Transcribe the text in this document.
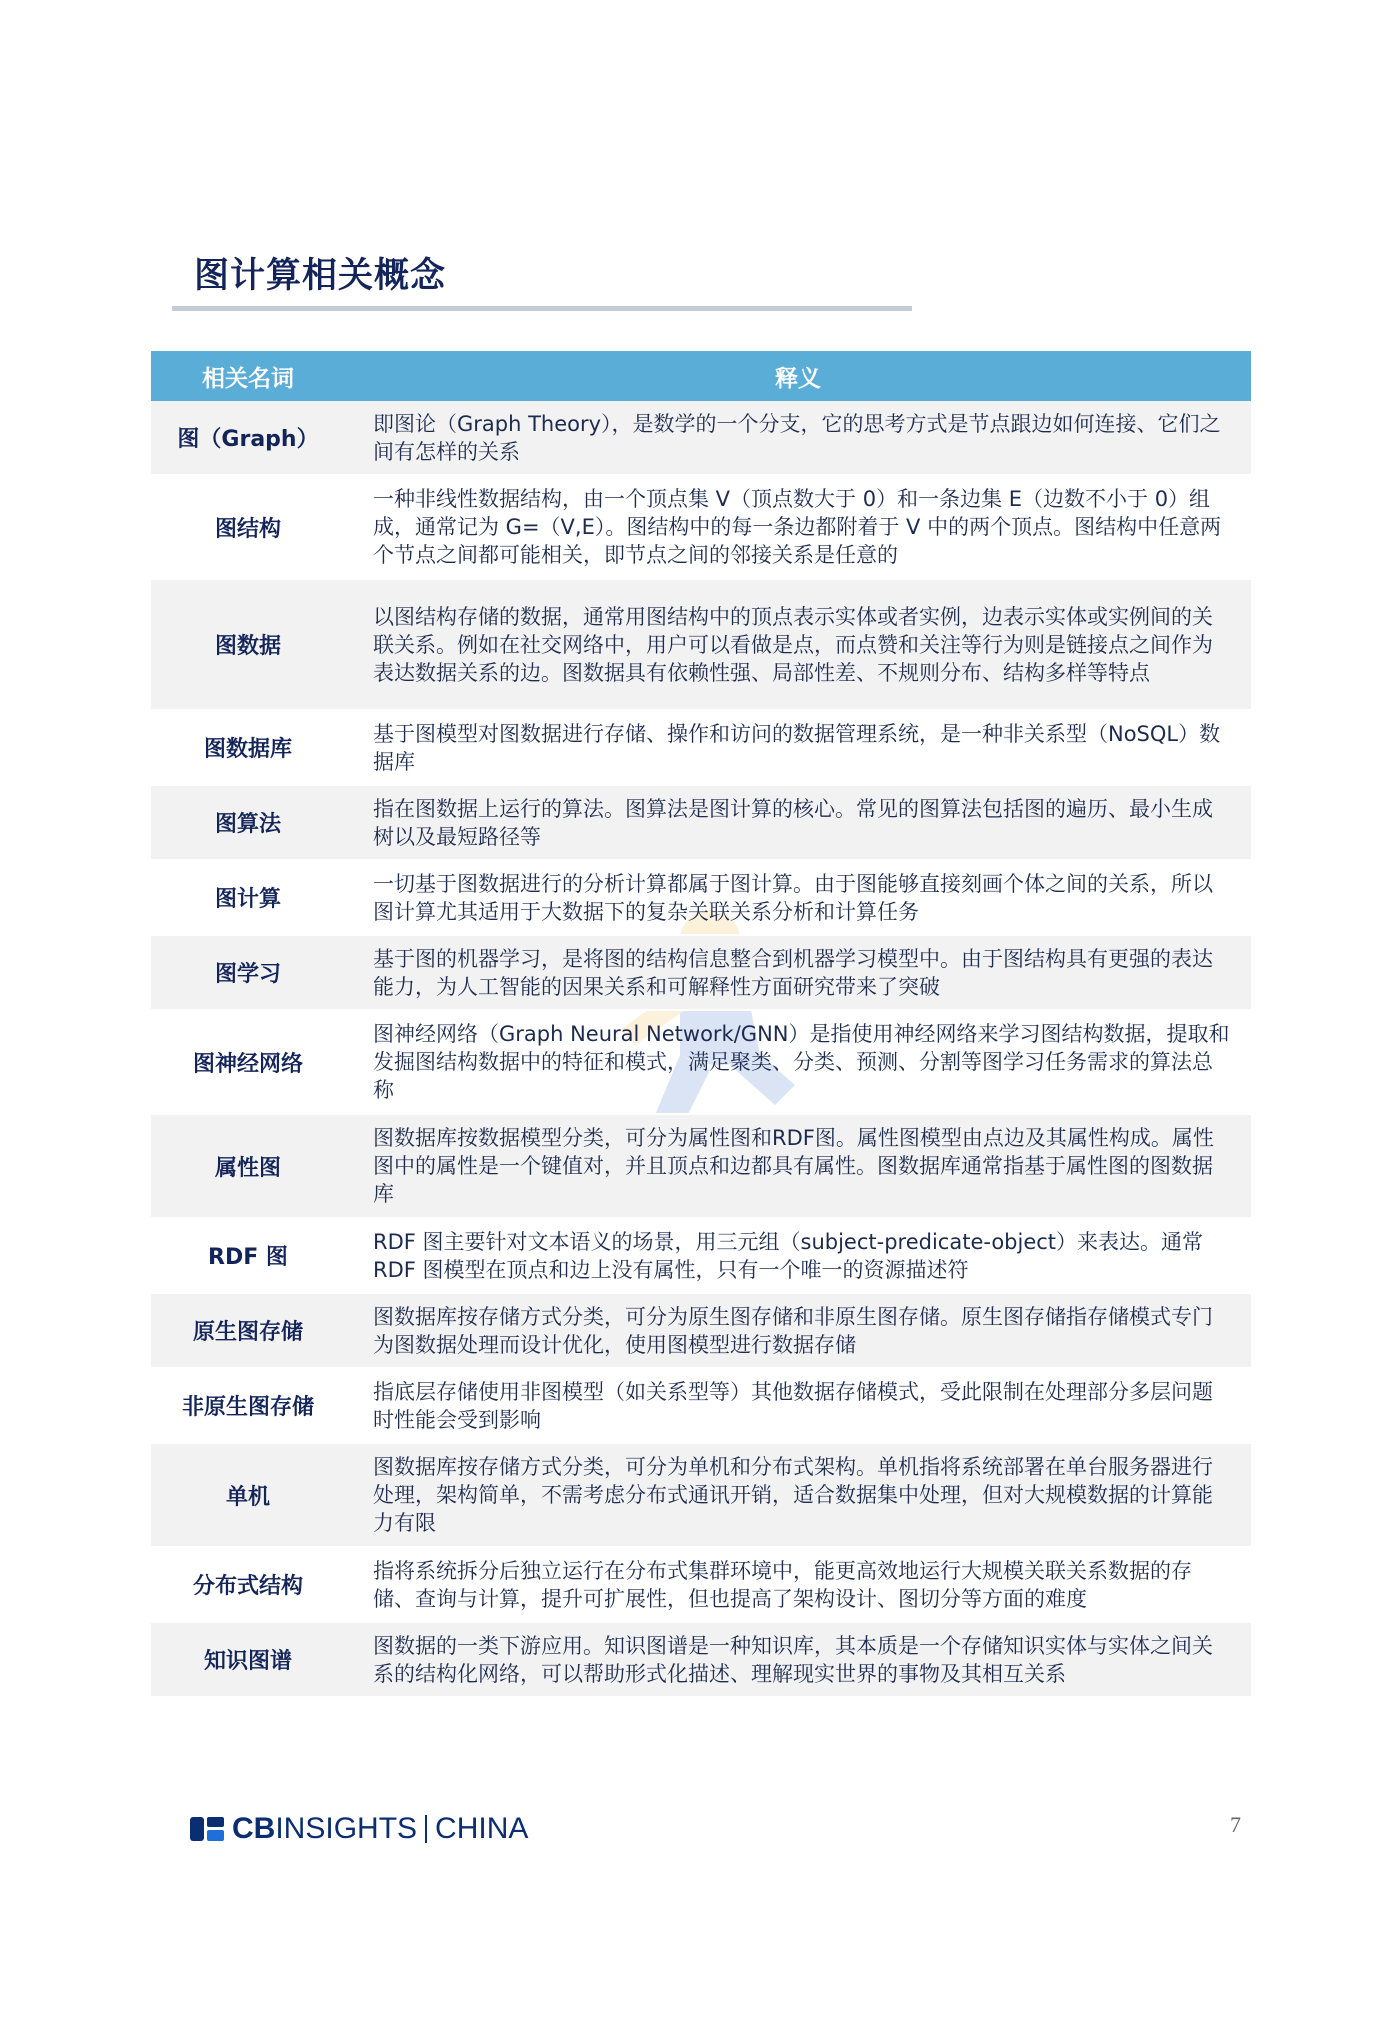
图计算相关概念
相关名词	释义
图（Graph）
即图论（Graph Theory），是数学的一个分支，它的思考方式是节点跟边如何连接、它们之间有怎样的关系
图结构
一种非线性数据结构，由一个顶点集 V（顶点数大于 0）和一条边集 E（边数不小于 0）组成，通常记为 G=（V,E）。图结构中的每一条边都附着于 V 中的两个顶点。图结构中任意两个节点之间都可能相关，即节点之间的邻接关系是任意的
图数据
以图结构存储的数据，通常用图结构中的顶点表示实体或者实例，边表示实体或实例间的关联关系。例如在社交网络中，用户可以看做是点，而点赞和关注等行为则是链接点之间作为表达数据关系的边。图数据具有依赖性强、局部性差、不规则分布、结构多样等特点
图数据库
基于图模型对图数据进行存储、操作和访问的数据管理系统，是一种非关系型（NoSQL）数据库
图算法
指在图数据上运行的算法。图算法是图计算的核心。常见的图算法包括图的遍历、最小生成树以及最短路径等
图计算
一切基于图数据进行的分析计算都属于图计算。由于图能够直接刻画个体之间的关系，所以图计算尤其适用于大数据下的复杂关联关系分析和计算任务
图学习
基于图的机器学习，是将图的结构信息整合到机器学习模型中。由于图结构具有更强的表达能力，为人工智能的因果关系和可解释性方面研究带来了突破
图神经网络
图神经网络（Graph Neural Network/GNN）是指使用神经网络来学习图结构数据，提取和发掘图结构数据中的特征和模式，满足聚类、分类、预测、分割等图学习任务需求的算法总称
属性图
图数据库按数据模型分类，可分为属性图和RDF图。属性图模型由点边及其属性构成。属性图中的属性是一个键值对，并且顶点和边都具有属性。图数据库通常指基于属性图的图数据库
RDF 图
RDF 图主要针对文本语义的场景，用三元组（subject-predicate-object）来表达。通常 RDF 图模型在顶点和边上没有属性，只有一个唯一的资源描述符
原生图存储
图数据库按存储方式分类，可分为原生图存储和非原生图存储。原生图存储指存储模式专门为图数据处理而设计优化，使用图模型进行数据存储
非原生图存储
指底层存储使用非图模型（如关系型等）其他数据存储模式，受此限制在处理部分多层问题时性能会受到影响
单机
图数据库按存储方式分类，可分为单机和分布式架构。单机指将系统部署在单台服务器进行处理，架构简单，不需考虑分布式通讯开销，适合数据集中处理，但对大规模数据的计算能力有限
分布式结构
指将系统拆分后独立运行在分布式集群环境中，能更高效地运行大规模关联关系数据的存储、查询与计算，提升可扩展性，但也提高了架构设计、图切分等方面的难度
知识图谱
图数据的一类下游应用。知识图谱是一种知识库，其本质是一个存储知识实体与实体之间关系的结构化网络，可以帮助形式化描述、理解现实世界的事物及其相互关系
CB INSIGHTS CHINA	7
